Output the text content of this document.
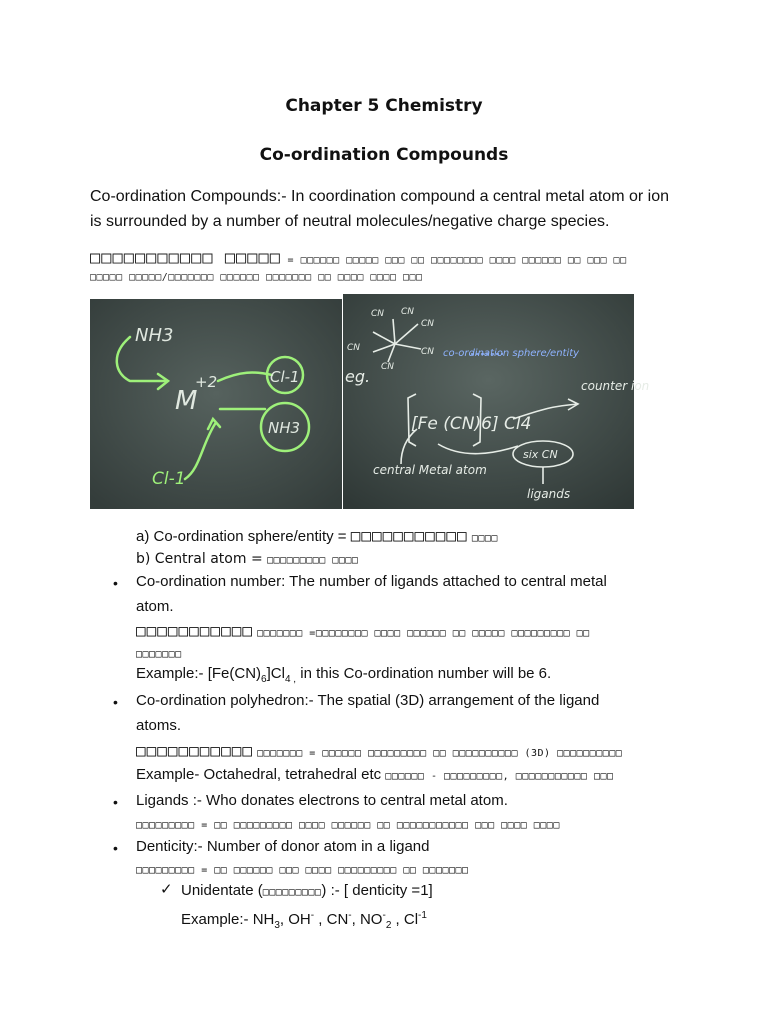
Chapter 5 Chemistry
Co-ordination Compounds
Co-ordination Compounds:- In coordination compound a central metal atom or ion is surrounded by a number of neutral molecules/negative charge species.
□□□□□□□□□□□ □□□□□ = □□□□□□ □□□□□ □□□ □□ □□□□□□□□ □□□□ □□□□□□ □□ □□□ □□
□□□□□ □□□□□/□□□□□□□ □□□□□□ □□□□□□□ □□ □□□□ □□□□ □□□
NH3
M
+2	Cl-1
NH3
Cl-1
CN CN
CN
CN	CN
CN
co-ordination sphere/entity
eg.
[Fe (CN)6] Cl4
counter ion
six CN
central Metal atom
ligands
a) Co-ordination sphere/entity = □□□□□□□□□□□ □□□□
b) Central atom = □□□□□□□□□ □□□□
• Co-ordination number: The number of ligands attached to central metal
atom.
□□□□□□□□□□□ □□□□□□□ =□□□□□□□□ □□□□ □□□□□□ □□ □□□□□ □□□□□□□□□ □□
□□□□□□□
Example:- $[Fe(CN)_6]Cl_{4 ,}$ in this Co-ordination number will be 6.
• Co-ordination polyhedron:- The spatial (3D) arrangement of the ligand
atoms.
□□□□□□□□□□□ □□□□□□□ = □□□□□□ □□□□□□□□□ □□ □□□□□□□□□□ (3D) □□□□□□□□□□
Example- Octahedral, tetrahedral etc □□□□□□ - □□□□□□□□□, □□□□□□□□□□□ □□□
• Ligands :- Who donates electrons to central metal atom.
□□□□□□□□□ = □□ □□□□□□□□□ □□□□ □□□□□□ □□ □□□□□□□□□□□ □□□ □□□□ □□□□
• Denticity:- Number of donor atom in a ligand
□□□□□□□□□ = □□ □□□□□□ □□□ □□□□ □□□□□□□□□ □□ □□□□□□□
✓ Unidentate (□□□□□□□□□) :- [ denticity =1]
Example:- $NH_3$, OH- , CN-, $NO^-_2$ , $Cl^{-1}$
